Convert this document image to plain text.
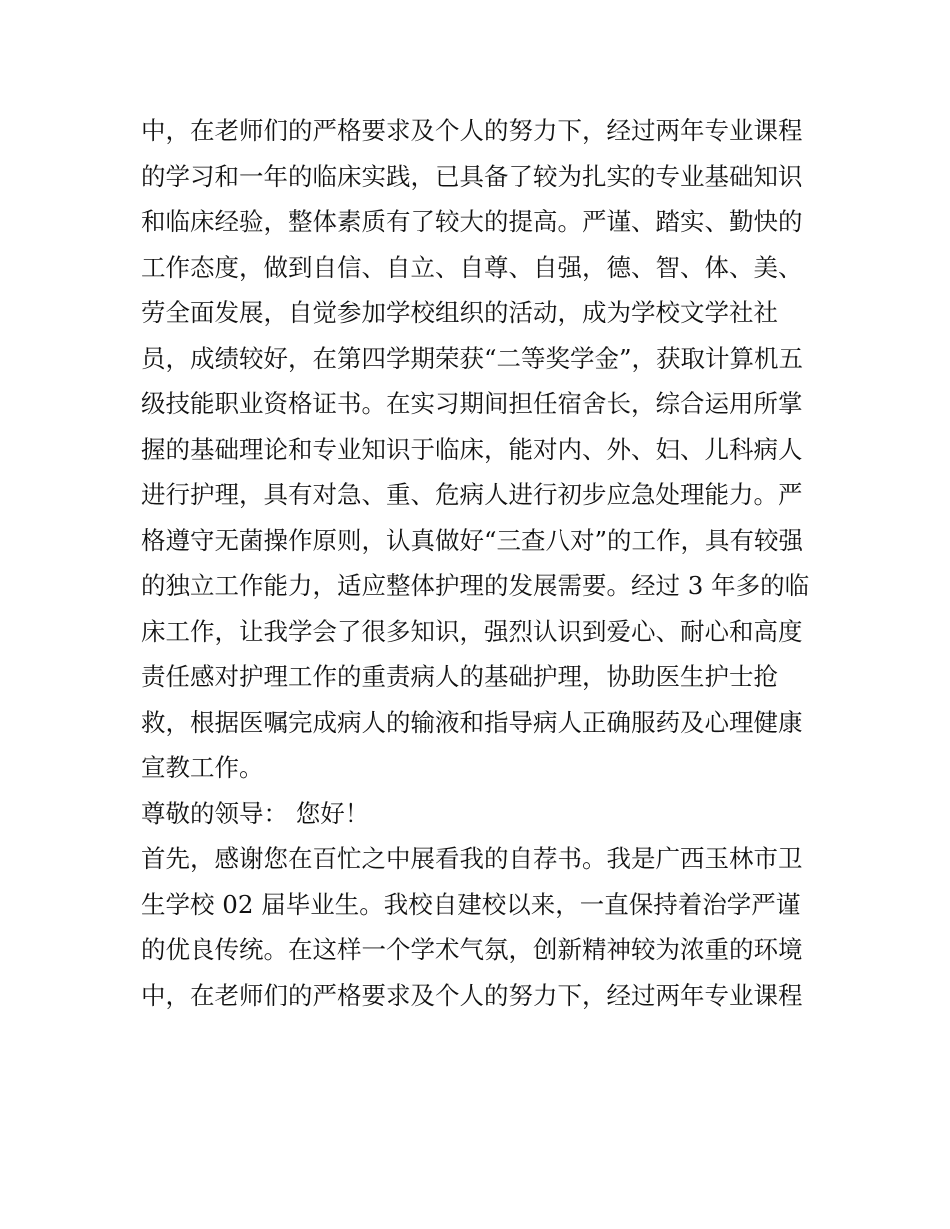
中，在老师们的严格要求及个人的努力下，经过两年专业课程
的学习和一年的临床实践，已具备了较为扎实的专业基础知识
和临床经验，整体素质有了较大的提高。严谨、踏实、勤快的
工作态度，做到自信、自立、自尊、自强，德、智、体、美、
劳全面发展，自觉参加学校组织的活动，成为学校文学社社
员，成绩较好，在第四学期荣获“二等奖学金”，获取计算机五
级技能职业资格证书。在实习期间担任宿舍长，综合运用所掌
握的基础理论和专业知识于临床，能对内、外、妇、儿科病人
进行护理，具有对急、重、危病人进行初步应急处理能力。严
格遵守无菌操作原则，认真做好“三查八对”的工作，具有较强
的独立工作能力，适应整体护理的发展需要。经过 3 年多的临
床工作，让我学会了很多知识，强烈认识到爱心、耐心和高度
责任感对护理工作的重责病人的基础护理，协助医生护士抢
救，根据医嘱完成病人的输液和指导病人正确服药及心理健康
宣教工作。
尊敬的领导： 您好！
首先，感谢您在百忙之中展看我的自荐书。我是广西玉林市卫
生学校 02 届毕业生。我校自建校以来，一直保持着治学严谨
的优良传统。在这样一个学术气氛，创新精神较为浓重的环境
中，在老师们的严格要求及个人的努力下，经过两年专业课程
